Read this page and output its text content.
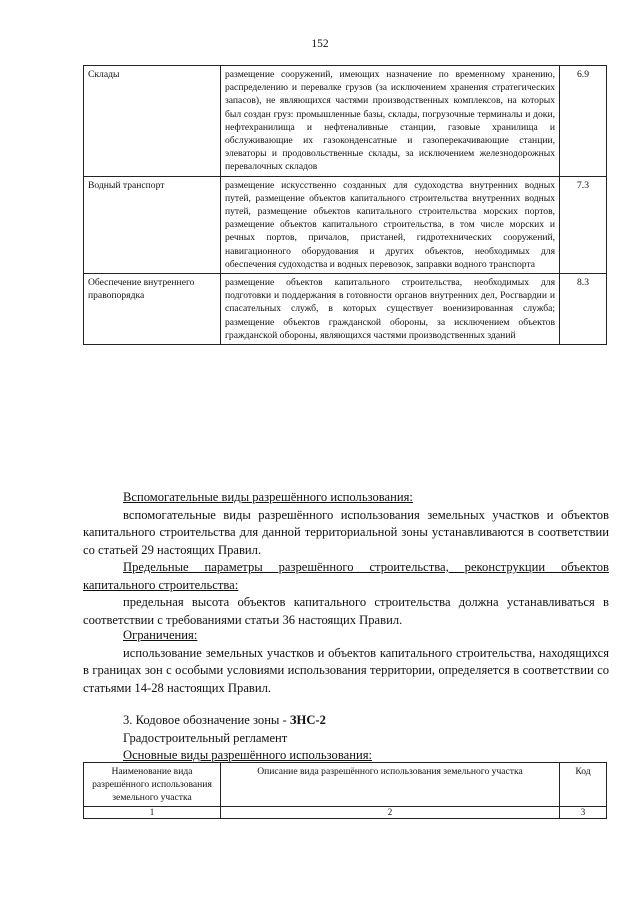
152
Склады	размещение сооружений, имеющих назначение по временному хранению, распределению и перевалке грузов (за исключением хранения стратегических запасов), не являющихся частями производственных комплексов, на которых был создан груз: промышленные базы, склады, погрузочные терминалы и доки, нефтехранилища и нефтеналивные станции, газовые хранилища и обслуживающие их газоконденсатные и газоперекачивающие станции, элеваторы и продовольственные склады, за исключением железнодорожных перевалочных складов	6.9
Водный транспорт	размещение искусственно созданных для судоходства внутренних водных путей, размещение объектов капитального строительства внутренних водных путей, размещение объектов капитального строительства морских портов, размещение объектов капитального строительства, в том числе морских и речных портов, причалов, пристаней, гидротехнических сооружений, навигационного оборудования и других объектов, необходимых для обеспечения судоходства и водных перевозок, заправки водного транспорта	7.3
Обеспечение внутреннего правопорядка	размещение объектов капитального строительства, необходимых для подготовки и поддержания в готовности органов внутренних дел, Росгвардии и спасательных служб, в которых существует военизированная служба; размещение объектов гражданской обороны, за исключением объектов гражданской обороны, являющихся частями производственных зданий	8.3
Вспомогательные виды разрешённого использования:
вспомогательные виды разрешённого использования земельных участков и объектов капитального строительства для данной территориальной зоны устанавливаются в соответствии со статьей 29 настоящих Правил.
Предельные параметры разрешённого строительства, реконструкции объектов капитального строительства:
предельная высота объектов капитального строительства должна устанавливаться в соответствии с требованиями статьи 36 настоящих Правил.
Ограничения:
использование земельных участков и объектов капитального строительства, находящихся в границах зон с особыми условиями использования территории, определяется в соответствии со статьями 14-28 настоящих Правил.
3. Кодовое обозначение зоны - ЗНС-2
Градостроительный регламент
Основные виды разрешённого использования:
Наименование вида разрешённого использования земельного участка	Описание вида разрешённого использования земельного участка	Код
1	2	3
